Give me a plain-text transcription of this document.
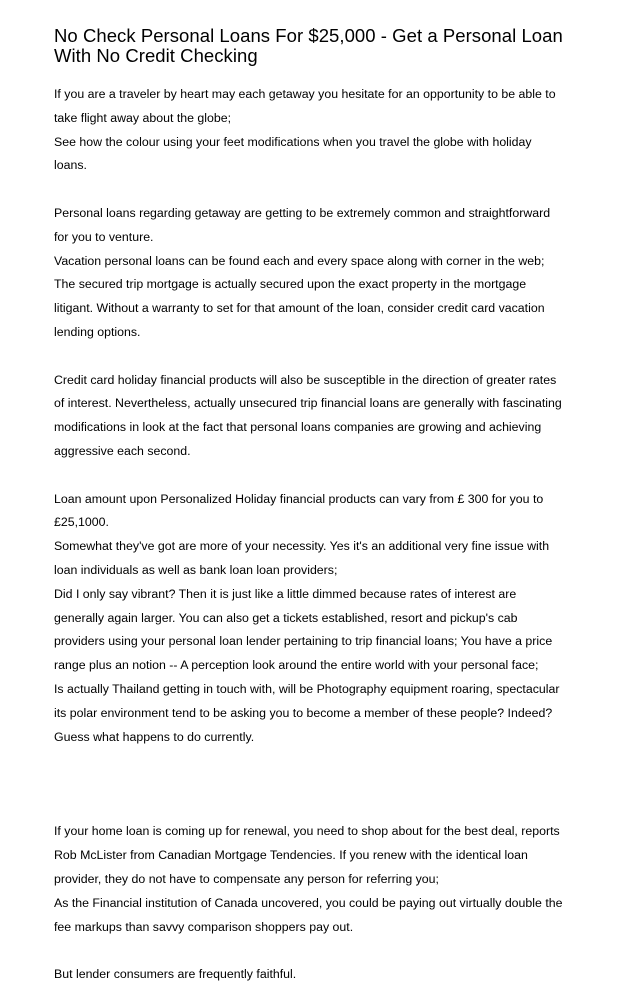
No Check Personal Loans For $25,000 - Get a Personal Loan
With No Credit Checking

If you are a traveler by heart may each getaway you hesitate for an opportunity to be able to
take flight away about the globe;
See how the colour using your feet modifications when you travel the globe with holiday
loans.

Personal loans regarding getaway are getting to be extremely common and straightforward
for you to venture.
Vacation personal loans can be found each and every space along with corner in the web;
The secured trip mortgage is actually secured upon the exact property in the mortgage
litigant. Without a warranty to set for that amount of the loan, consider credit card vacation
lending options.

Credit card holiday financial products will also be susceptible in the direction of greater rates
of interest. Nevertheless, actually unsecured trip financial loans are generally with fascinating
modifications in look at the fact that personal loans companies are growing and achieving
aggressive each second.

Loan amount upon Personalized Holiday financial products can vary from £ 300 for you to
£25,1000.
Somewhat they've got are more of your necessity. Yes it's an additional very fine issue with
loan individuals as well as bank loan loan providers;
Did I only say vibrant? Then it is just like a little dimmed because rates of interest are
generally again larger. You can also get a tickets established, resort and pickup's cab
providers using your personal loan lender pertaining to trip financial loans; You have a price
range plus an notion -- A perception look around the entire world with your personal face;
Is actually Thailand getting in touch with, will be Photography equipment roaring, spectacular
its polar environment tend to be asking you to become a member of these people? Indeed?
Guess what happens to do currently.

If your home loan is coming up for renewal, you need to shop about for the best deal, reports
Rob McLister from Canadian Mortgage Tendencies. If you renew with the identical loan
provider, they do not have to compensate any person for referring you;
As the Financial institution of Canada uncovered, you could be paying out virtually double the
fee markups than savvy comparison shoppers pay out.

But lender consumers are frequently faithful.
